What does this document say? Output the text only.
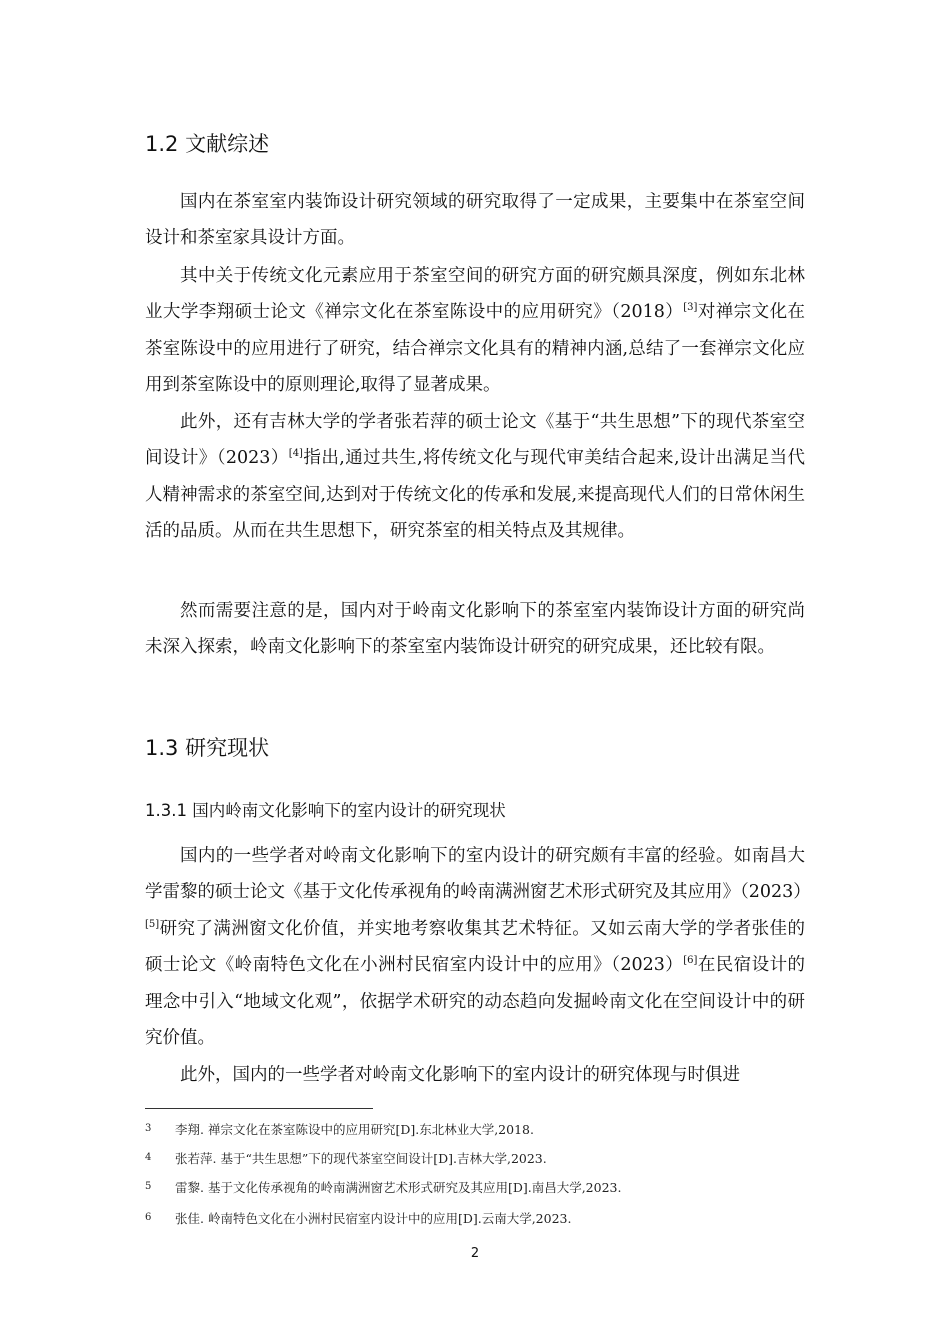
1.2 文献综述

国内在茶室室内装饰设计研究领域的研究取得了一定成果，主要集中在茶室空间设计和茶室家具设计方面。

其中关于传统文化元素应用于茶室空间的研究方面的研究颇具深度，例如东北林业大学李翔硕士论文《禅宗文化在茶室陈设中的应用研究》（2018）[3]对禅宗文化在茶室陈设中的应用进行了研究，结合禅宗文化具有的精神内涵,总结了一套禅宗文化应用到茶室陈设中的原则理论,取得了显著成果。

此外，还有吉林大学的学者张若萍的硕士论文《基于“共生思想”下的现代茶室空间设计》（2023）[4]指出,通过共生,将传统文化与现代审美结合起来,设计出满足当代人精神需求的茶室空间,达到对于传统文化的传承和发展,来提高现代人们的日常休闲生活的品质。从而在共生思想下，研究茶室的相关特点及其规律。

然而需要注意的是，国内对于岭南文化影响下的茶室室内装饰设计方面的研究尚未深入探索，岭南文化影响下的茶室室内装饰设计研究的研究成果，还比较有限。

1.3 研究现状
1.3.1 国内岭南文化影响下的室内设计的研究现状

国内的一些学者对岭南文化影响下的室内设计的研究颇有丰富的经验。如南昌大学雷黎的硕士论文《基于文化传承视角的岭南满洲窗艺术形式研究及其应用》（2023）[5]研究了满洲窗文化价值，并实地考察收集其艺术特征。又如云南大学的学者张佳的硕士论文《岭南特色文化在小洲村民宿室内设计中的应用》（2023）[6]在民宿设计的理念中引入“地域文化观”，依据学术研究的动态趋向发掘岭南文化在空间设计中的研究价值。

此外，国内的一些学者对岭南文化影响下的室内设计的研究体现与时俱进

3 李翔. 禅宗文化在茶室陈设中的应用研究[D].东北林业大学,2018.
4 张若萍. 基于“共生思想”下的现代茶室空间设计[D].吉林大学,2023.
5 雷黎. 基于文化传承视角的岭南满洲窗艺术形式研究及其应用[D].南昌大学,2023.
6 张佳. 岭南特色文化在小洲村民宿室内设计中的应用[D].云南大学,2023.
2
